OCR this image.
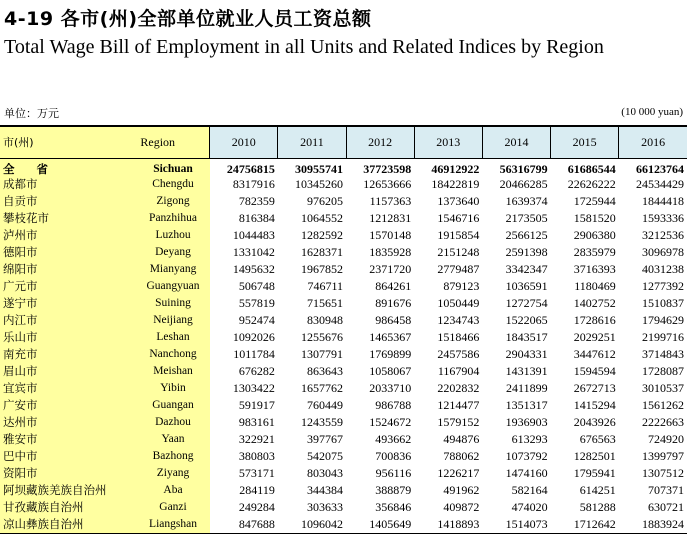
4-19 各市(州)全部单位就业人员工资总额
Total Wage Bill of Employment in all Units and Related Indices by Region
单位：万元	(10 000 yuan)
市(州)	Region	2010	2011	2012	2013	2014	2015	2016
全 省	Sichuan	24756815	30955741	37723598	46912922	56316799	61686544	66123764
成都市	Chengdu	8317916	10345260	12653666	18422819	20466285	22626222	24534429
自贡市	Zigong	782359	976205	1157363	1373640	1639374	1725944	1844418
攀枝花市	Panzhihua	816384	1064552	1212831	1546716	2173505	1581520	1593336
泸州市	Luzhou	1044483	1282592	1570148	1915854	2566125	2906380	3212536
德阳市	Deyang	1331042	1628371	1835928	2151248	2591398	2835979	3096978
绵阳市	Mianyang	1495632	1967852	2371720	2779487	3342347	3716393	4031238
广元市	Guangyuan	506748	746711	864261	879123	1036591	1180469	1277392
遂宁市	Suining	557819	715651	891676	1050449	1272754	1402752	1510837
内江市	Neijiang	952474	830948	986458	1234743	1522065	1728616	1794629
乐山市	Leshan	1092026	1255676	1465367	1518466	1843517	2029251	2199716
南充市	Nanchong	1011784	1307791	1769899	2457586	2904331	3447612	3714843
眉山市	Meishan	676282	863643	1058067	1167904	1431391	1594594	1728087
宜宾市	Yibin	1303422	1657762	2033710	2202832	2411899	2672713	3010537
广安市	Guangan	591917	760449	986788	1214477	1351317	1415294	1561262
达州市	Dazhou	983161	1243559	1524672	1579152	1936903	2043926	2222663
雅安市	Yaan	322921	397767	493662	494876	613293	676563	724920
巴中市	Bazhong	380803	542075	700836	788062	1073792	1282501	1399797
资阳市	Ziyang	573171	803043	956116	1226217	1474160	1795941	1307512
阿坝藏族羌族自治州	Aba	284119	344384	388879	491962	582164	614251	707371
甘孜藏族自治州	Ganzi	249284	303633	356846	409872	474020	581288	630721
凉山彝族自治州	Liangshan	847688	1096042	1405649	1418893	1514073	1712642	1883924
